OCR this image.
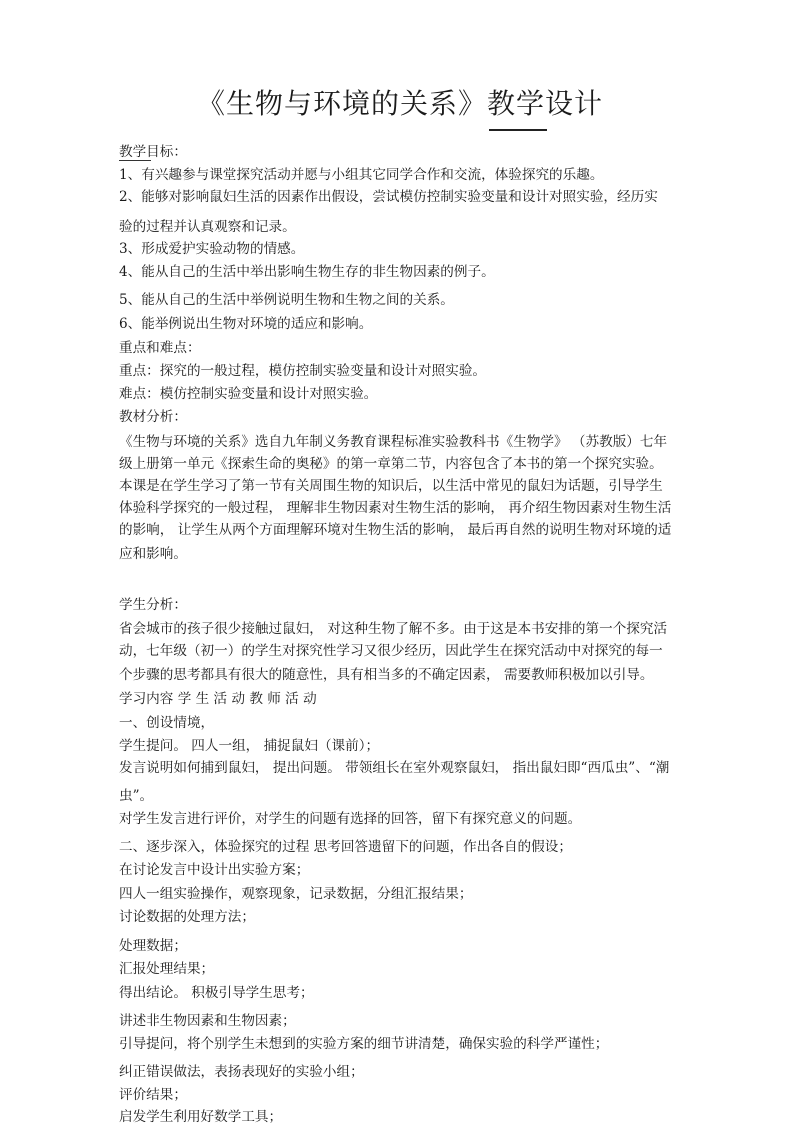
《生物与环境的关系》教学设计
教学目标：
1、有兴趣参与课堂探究活动并愿与小组其它同学合作和交流，体验探究的乐趣。
2、能够对影响鼠妇生活的因素作出假设，尝试模仿控制实验变量和设计对照实验，经历实
验的过程并认真观察和记录。
3、形成爱护实验动物的情感。
4、能从自己的生活中举出影响生物生存的非生物因素的例子。
5、能从自己的生活中举例说明生物和生物之间的关系。
6、能举例说出生物对环境的适应和影响。
重点和难点：
重点：探究的一般过程，模仿控制实验变量和设计对照实验。
难点：模仿控制实验变量和设计对照实验。
教材分析：
《生物与环境的关系》选自九年制义务教育课程标准实验教科书《生物学》 （苏教版）七年
级上册第一单元《探索生命的奥秘》的第一章第二节，内容包含了本书的第一个探究实验。
本课是在学生学习了第一节有关周围生物的知识后，以生活中常见的鼠妇为话题，引导学生
体验科学探究的一般过程， 理解非生物因素对生物生活的影响， 再介绍生物因素对生物生活
的影响， 让学生从两个方面理解环境对生物生活的影响， 最后再自然的说明生物对环境的适
应和影响。
学生分析：
省会城市的孩子很少接触过鼠妇， 对这种生物了解不多。由于这是本书安排的第一个探究活
动，七年级（初一）的学生对探究性学习又很少经历，因此学生在探究活动中对探究的每一
个步骤的思考都具有很大的随意性，具有相当多的不确定因素， 需要教师积极加以引导。
学习内容 学 生 活 动 教 师 活 动
一、创设情境，
学生提问。 四人一组， 捕捉鼠妇（课前）；
发言说明如何捕到鼠妇， 提出问题。 带领组长在室外观察鼠妇， 指出鼠妇即“西瓜虫”、“潮
虫”。
对学生发言进行评价，对学生的问题有选择的回答，留下有探究意义的问题。
二、逐步深入，体验探究的过程 思考回答遗留下的问题，作出各自的假设；
在讨论发言中设计出实验方案；
四人一组实验操作，观察现象，记录数据，分组汇报结果；
讨论数据的处理方法；
处理数据；
汇报处理结果；
得出结论。 积极引导学生思考；
讲述非生物因素和生物因素；
引导提问，将个别学生未想到的实验方案的细节讲清楚，确保实验的科学严谨性；
纠正错误做法，表扬表现好的实验小组；
评价结果；
启发学生利用好数学工具；
